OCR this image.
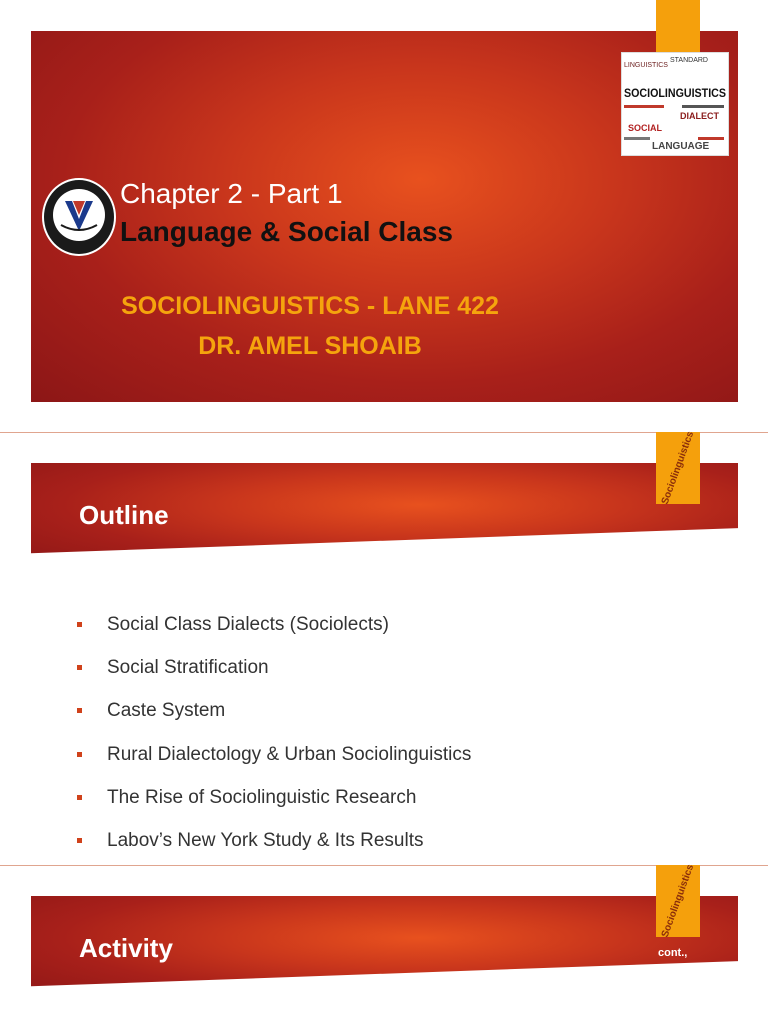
LINGUISTICS
STANDARD
SOCIOLINGUISTICS
DIALECT
SOCIAL
LANGUAGE
Chapter 2 - Part 1
Language & Social Class
SOCIOLINGUISTICS - LANE 422
DR. AMEL SHOAIB
Sociolinguistics
Outline
Social Class Dialects (Sociolects)
Social Stratification
Caste System
Rural Dialectology & Urban Sociolinguistics
The Rise of Sociolinguistic Research
Labov’s New York Study & Its Results
Sociolinguistics
Activity	cont.,
